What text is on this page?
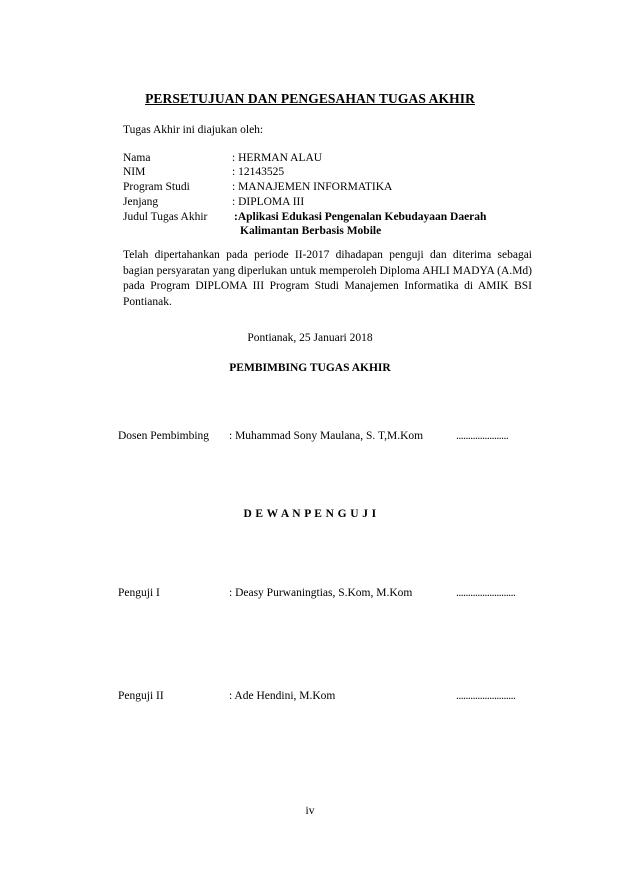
PERSETUJUAN DAN PENGESAHAN TUGAS AKHIR
Tugas Akhir ini diajukan oleh:
Nama	: HERMAN ALAU
NIM	: 12143525
Program Studi	: MANAJEMEN INFORMATIKA
Jenjang	: DIPLOMA III
Judul Tugas Akhir :Aplikasi Edukasi Pengenalan Kebudayaan Daerah
Kalimantan Berbasis Mobile
Telah dipertahankan pada periode II-2017 dihadapan penguji dan diterima sebagai bagian persyaratan yang diperlukan untuk memperoleh Diploma AHLI MADYA (A.Md) pada Program DIPLOMA III Program Studi Manajemen Informatika di AMIK BSI Pontianak.
Pontianak, 25 Januari 2018
PEMBIMBING TUGAS AKHIR
Dosen Pembimbing : Muhammad Sony Maulana, S. T,M.Kom	......................
D E W A N P E N G U J I
Penguji I	: Deasy Purwaningtias, S.Kom, M.Kom	.........................
Penguji II	: Ade Hendini, M.Kom	.........................
iv
